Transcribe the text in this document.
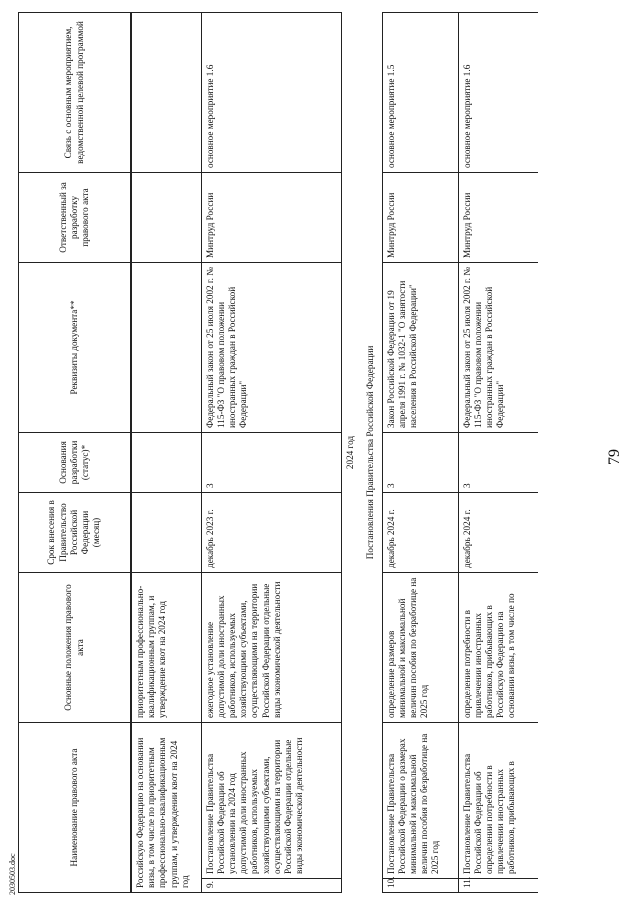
2030503.doc
Наименование правового акта		Основные положения правового акта	Срок внесения в Правительство Российской Федерации (месяц)	Основания разработки (статус)*	Реквизиты документа**	Ответственный за разработку правового акта	Связь с основным мероприятием, ведомственной целевой программой
Российскую Федерацию на основании визы, в том числе по приоритетным профессионально-квалификационным группам, и утверждении квот на 2024 год		приоритетным профессионально-квалификационным группам, и утверждение квот на 2024 год					
9.	Постановление Правительства Российской Федерации об установлении на 2024 год допустимой доли иностранных работников, используемых хозяйствующими субъектами, осуществляющими на территории Российской Федерации отдельные виды экономической деятельности	ежегодное установление допустимой доли иностранных работников, используемых хозяйствующими субъектами, осуществляющими на территории Российской Федерации отдельные виды экономической деятельности	декабрь 2023 г.	3	Федеральный закон от 25 июля 2002 г. № 115-ФЗ "О правовом положении иностранных граждан в Российской Федерации"	Минтруд России	основное мероприятие 1.6
2024 год							
Постановления Правительства Российской Федерации							
10.	Постановление Правительства Российской Федерации о размерах минимальной и максимальной величин пособия по безработице на 2025 год	определение размеров минимальной и максимальной величин пособия по безработице на 2025 год	декабрь 2024 г.	3	Закон Российской Федерации от 19 апреля 1991 г. № 1032-1 "О занятости населения в Российской Федерации"	Минтруд России	основное мероприятие 1.5
11.	Постановление Правительства Российской Федерации об определении потребности в привлечении иностранных работников, прибывающих в	определение потребности в привлечении иностранных работников, прибывающих в Российскую Федерацию на основании визы, в том числе по	декабрь 2024 г.	3	Федеральный закон от 25 июля 2002 г. № 115-ФЗ "О правовом положении иностранных граждан в Российской Федерации"	Минтруд России	основное мероприятие 1.6
79
